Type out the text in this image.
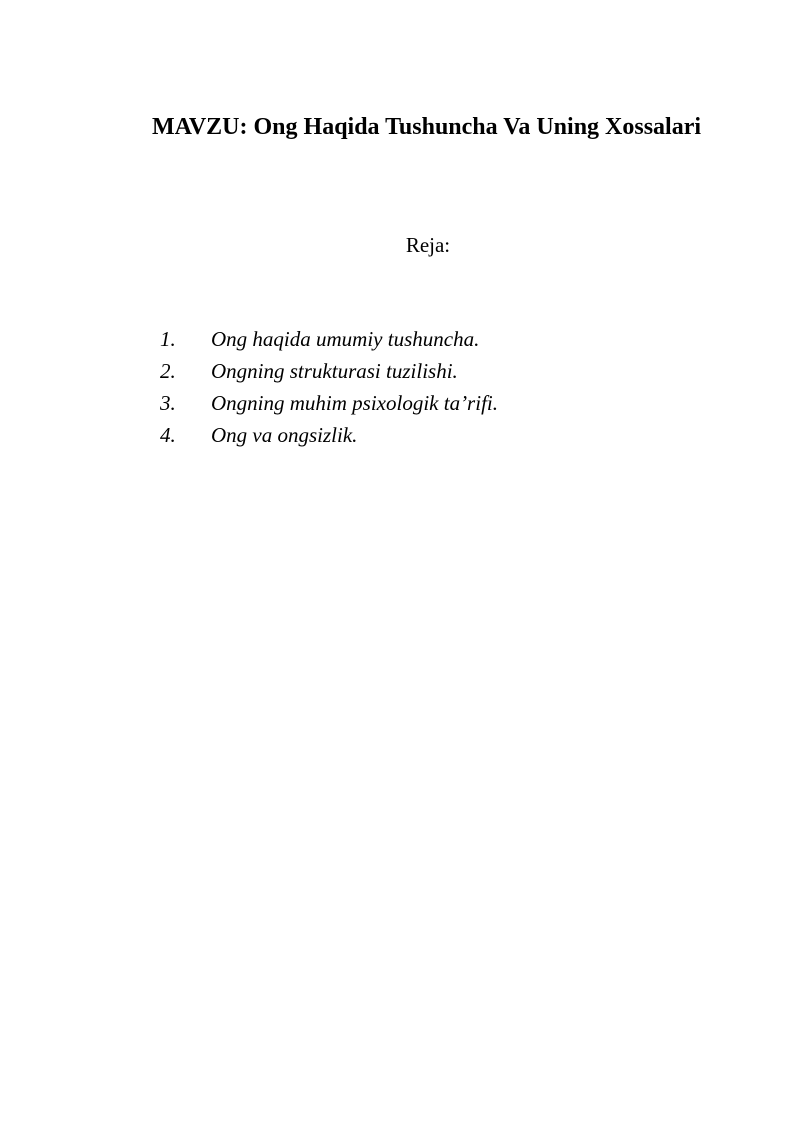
MAVZU: Ong Haqida Tushuncha Va Uning Xossalari

Reja:

1.	Ong haqida umumiy tushuncha.
2.	Ongning strukturasi tuzilishi.
3.	Ongning muhim psixologik ta’rifi.
4.	Ong va ongsizlik.
